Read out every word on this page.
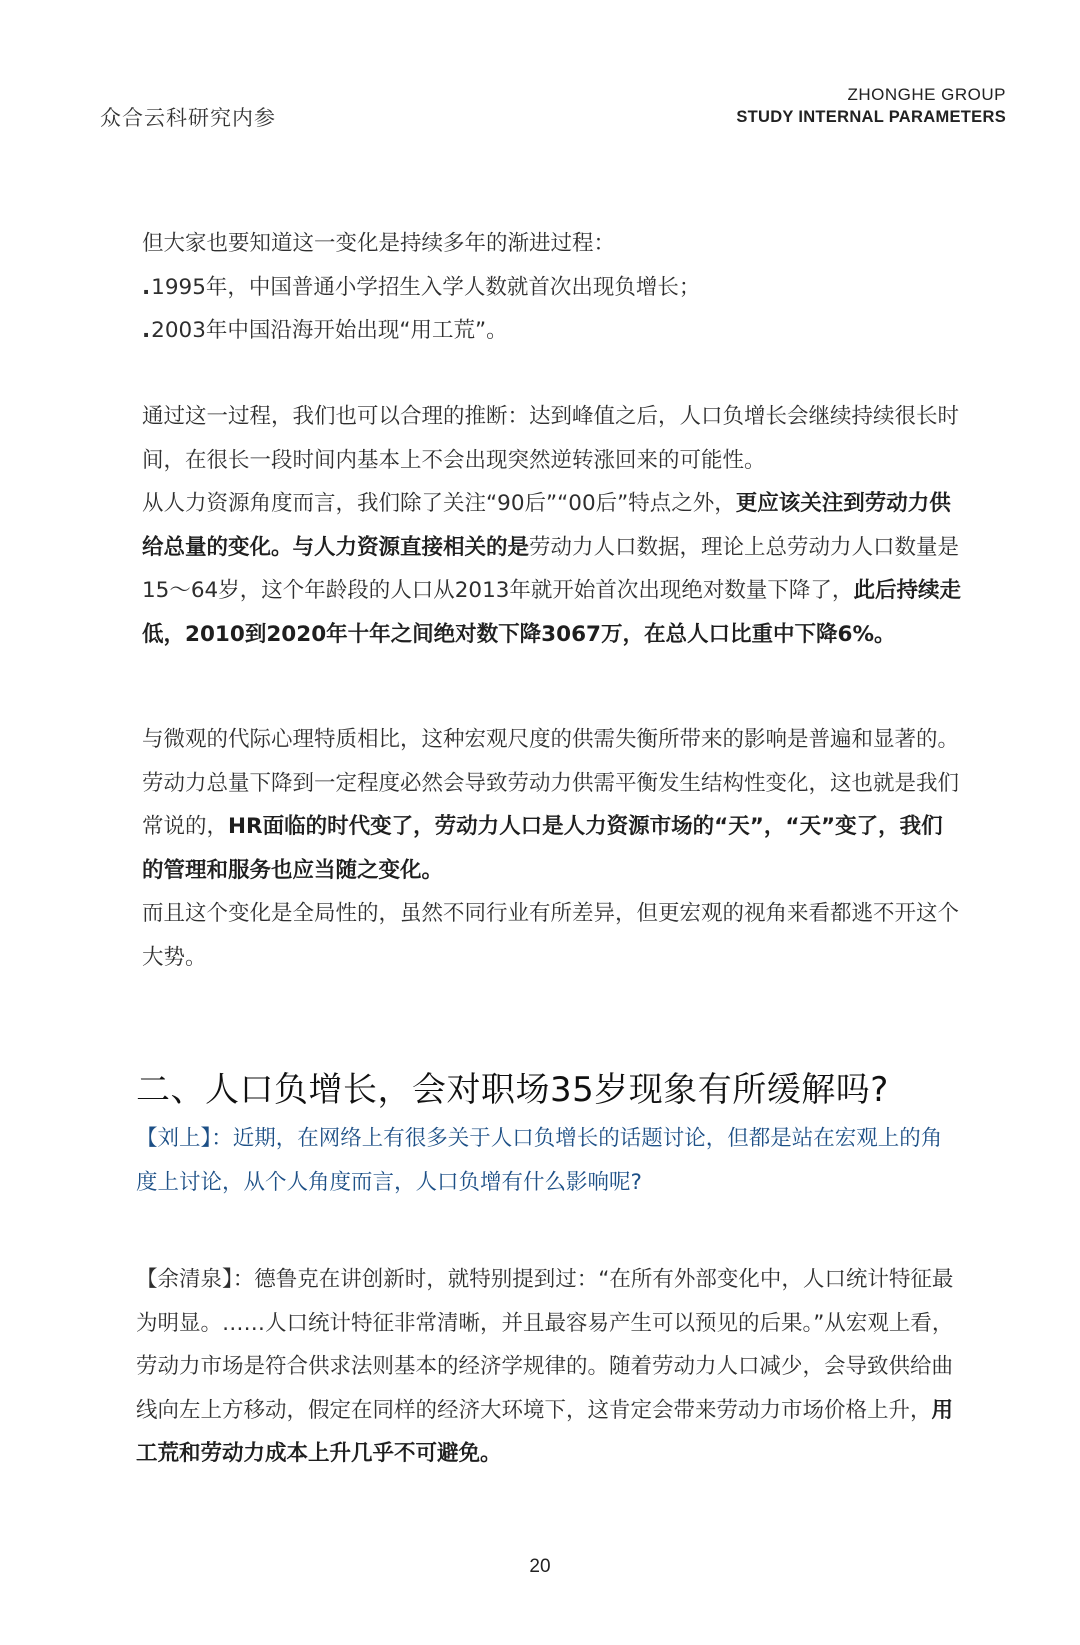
众合云科研究内参
ZHONGHE GROUP
STUDY INTERNAL PARAMETERS

但大家也要知道这一变化是持续多年的渐进过程：

.1995年，中国普通小学招生入学人数就首次出现负增长；

.2003年中国沿海开始出现“用工荒”。

通过这一过程，我们也可以合理的推断：达到峰值之后，人口负增长会继续持续很长时间，在很长一段时间内基本上不会出现突然逆转涨回来的可能性。

从人力资源角度而言，我们除了关注“90后”“00后”特点之外，更应该关注到劳动力供给总量的变化。与人力资源直接相关的是劳动力人口数据，理论上总劳动力人口数量是15～64岁，这个年龄段的人口从2013年就开始首次出现绝对数量下降了，此后持续走低，2010到2020年十年之间绝对数下降3067万，在总人口比重中下降6%。

与微观的代际心理特质相比，这种宏观尺度的供需失衡所带来的影响是普遍和显著的。劳动力总量下降到一定程度必然会导致劳动力供需平衡发生结构性变化，这也就是我们常说的，HR面临的时代变了，劳动力人口是人力资源市场的“天”，“天”变了，我们的管理和服务也应当随之变化。

而且这个变化是全局性的，虽然不同行业有所差异，但更宏观的视角来看都逃不开这个大势。

二、人口负增长，会对职场35岁现象有所缓解吗?

【刘上】：近期，在网络上有很多关于人口负增长的话题讨论，但都是站在宏观上的角度上讨论，从个人角度而言，人口负增有什么影响呢?

【余清泉】：德鲁克在讲创新时，就特别提到过：“在所有外部变化中，人口统计特征最为明显。……人口统计特征非常清晰，并且最容易产生可以预见的后果。”从宏观上看，劳动力市场是符合供求法则基本的经济学规律的。随着劳动力人口减少，会导致供给曲线向左上方移动，假定在同样的经济大环境下，这肯定会带来劳动力市场价格上升，用工荒和劳动力成本上升几乎不可避免。

20
